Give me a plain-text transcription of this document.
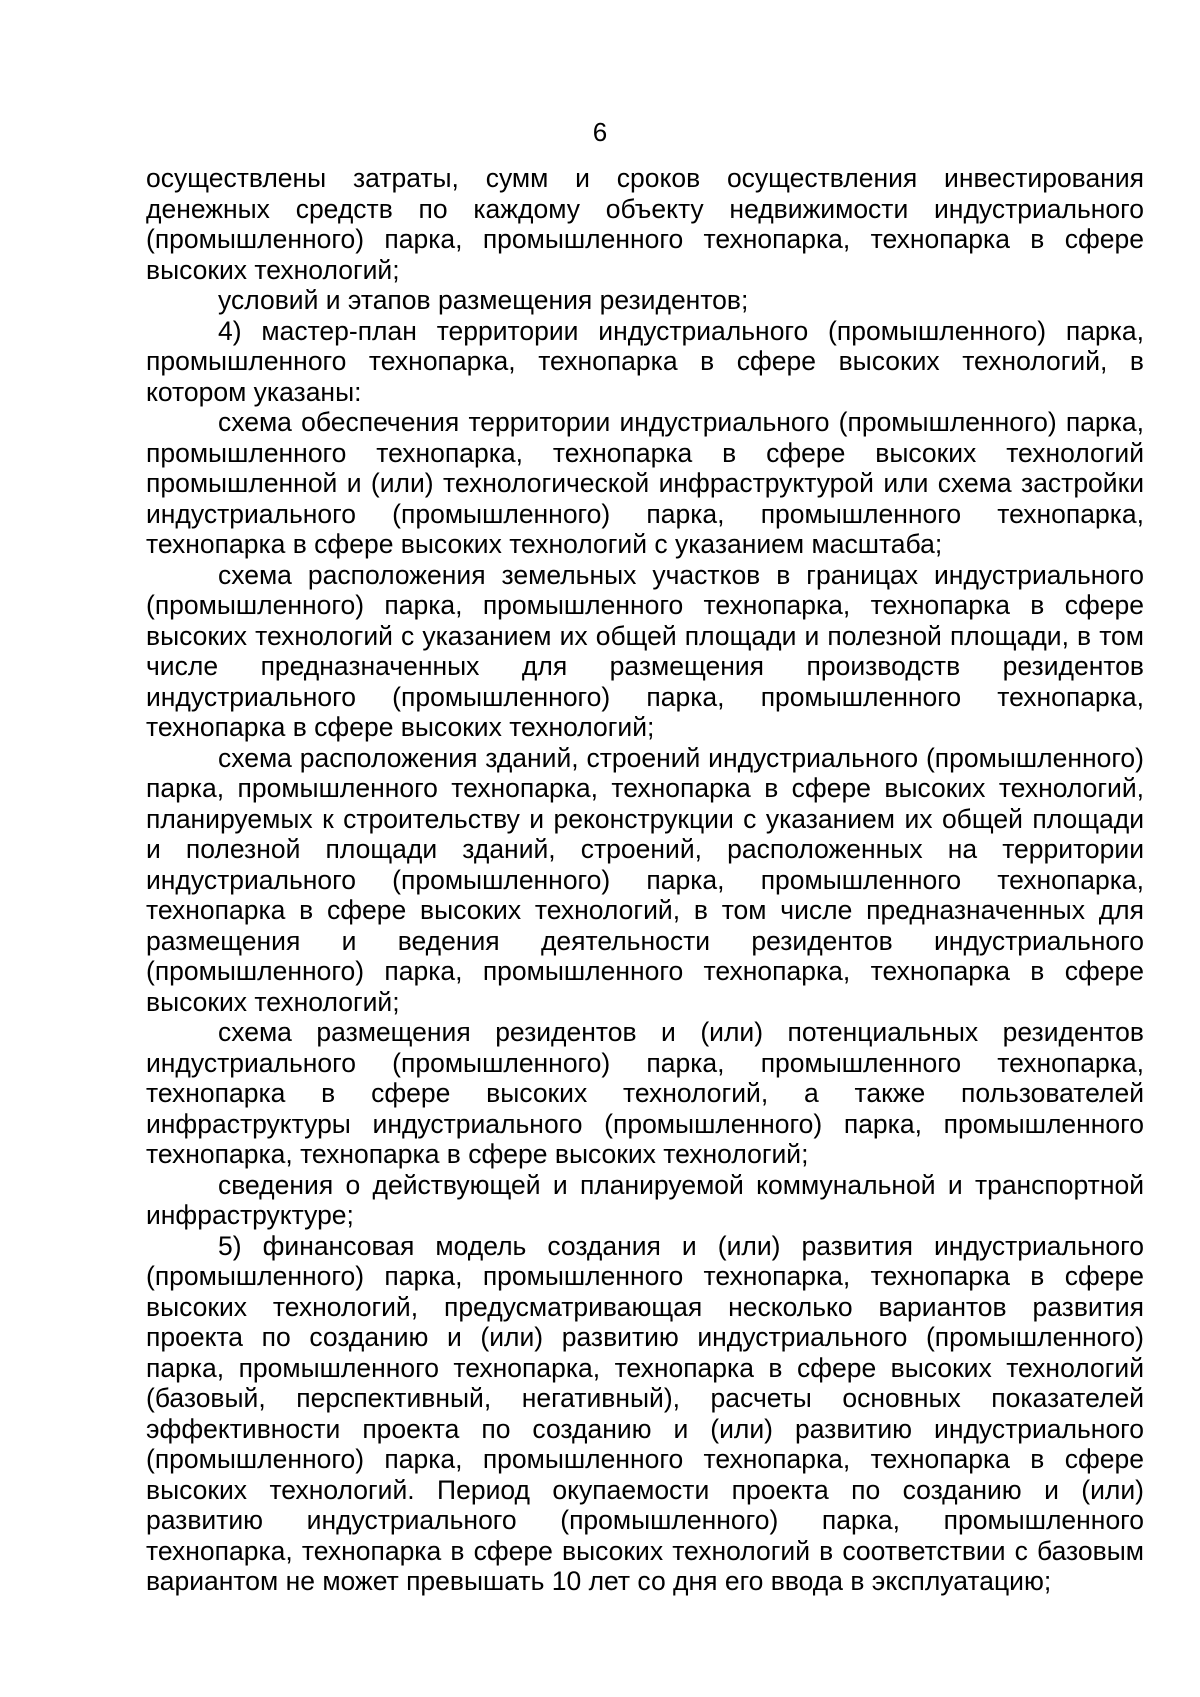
6

осуществлены затраты, сумм и сроков осуществления инвестирования денежных средств по каждому объекту недвижимости индустриального (промышленного) парка, промышленного технопарка, технопарка в сфере высоких технологий;

условий и этапов размещения резидентов;

4) мастер-план территории индустриального (промышленного) парка, промышленного технопарка, технопарка в сфере высоких технологий, в котором указаны:

схема обеспечения территории индустриального (промышленного) парка, промышленного технопарка, технопарка в сфере высоких технологий промышленной и (или) технологической инфраструктурой или схема застройки индустриального (промышленного) парка, промышленного технопарка, технопарка в сфере высоких технологий с указанием масштаба;

схема расположения земельных участков в границах индустриального (промышленного) парка, промышленного технопарка, технопарка в сфере высоких технологий с указанием их общей площади и полезной площади, в том числе предназначенных для размещения производств резидентов индустриального (промышленного) парка, промышленного технопарка, технопарка в сфере высоких технологий;

схема расположения зданий, строений индустриального (промышленного) парка, промышленного технопарка, технопарка в сфере высоких технологий, планируемых к строительству и реконструкции с указанием их общей площади и полезной площади зданий, строений, расположенных на территории индустриального (промышленного) парка, промышленного технопарка, технопарка в сфере высоких технологий, в том числе предназначенных для размещения и ведения деятельности резидентов индустриального (промышленного) парка, промышленного технопарка, технопарка в сфере высоких технологий;

схема размещения резидентов и (или) потенциальных резидентов индустриального (промышленного) парка, промышленного технопарка, технопарка в сфере высоких технологий, а также пользователей инфраструктуры индустриального (промышленного) парка, промышленного технопарка, технопарка в сфере высоких технологий;

сведения о действующей и планируемой коммунальной и транспортной инфраструктуре;

5) финансовая модель создания и (или) развития индустриального (промышленного) парка, промышленного технопарка, технопарка в сфере высоких технологий, предусматривающая несколько вариантов развития проекта по созданию и (или) развитию индустриального (промышленного) парка, промышленного технопарка, технопарка в сфере высоких технологий (базовый, перспективный, негативный), расчеты основных показателей эффективности проекта по созданию и (или) развитию индустриального (промышленного) парка, промышленного технопарка, технопарка в сфере высоких технологий. Период окупаемости проекта по созданию и (или) развитию индустриального (промышленного) парка, промышленного технопарка, технопарка в сфере высоких технологий в соответствии с базовым вариантом не может превышать 10 лет со дня его ввода в эксплуатацию;
